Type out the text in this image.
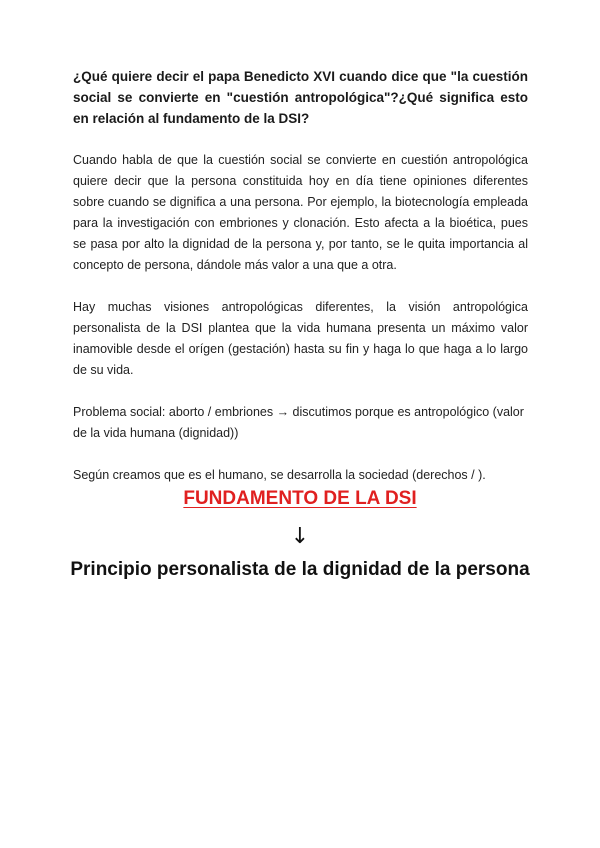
¿Qué quiere decir el papa Benedicto XVI cuando dice que "la cuestión social se convierte en "cuestión antropológica"?¿Qué significa esto en relación al fundamento de la DSI?

Cuando habla de que la cuestión social se convierte en cuestión antropológica quiere decir que la persona constituida hoy en día tiene opiniones diferentes sobre cuando se dignifica a una persona. Por ejemplo, la biotecnología empleada para la investigación con embriones y clonación. Esto afecta a la bioética, pues se pasa por alto la dignidad de la persona y, por tanto, se le quita importancia al concepto de persona, dándole más valor a una que a otra.

Hay muchas visiones antropológicas diferentes, la visión antropológica personalista de la DSI plantea que la vida humana presenta un máximo valor inamovible desde el orígen (gestación) hasta su fin y haga lo que haga a lo largo de su vida.

Problema social: aborto / embriones → discutimos porque es antropológico (valor de la vida humana (dignidad))

Según creamos que es el humano, se desarrolla la sociedad (derechos / ).

FUNDAMENTO DE LA DSI
↓
Principio personalista de la dignidad de la persona
